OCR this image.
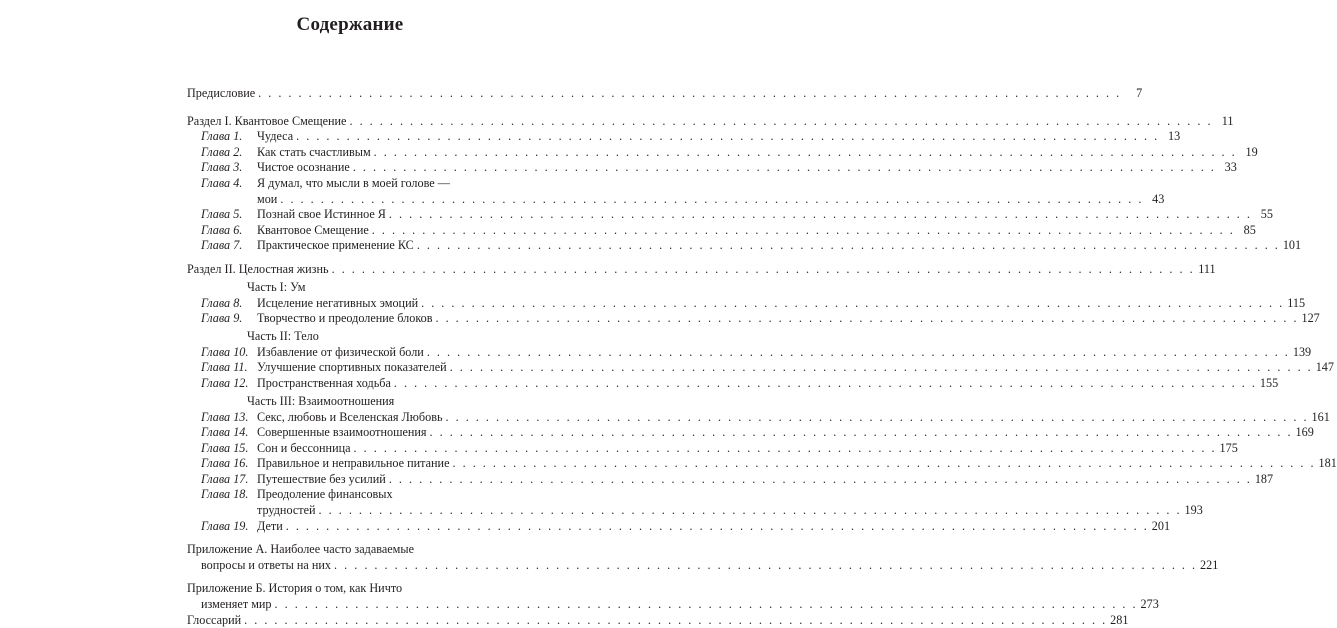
Содержание
Предисловие . . .	7
Раздел I. Квантовое Смещение . . .	11
Глава 1.	Чудеса . . .	13
Глава 2.	Как стать счастливым . . .	19
Глава 3.	Чистое осознание . . .	33
Глава 4.	Я думал, что мысли в моей голове —
мои . . .	43
Глава 5.	Познай свое Истинное Я . . .	55
Глава 6.	Квантовое Смещение . . .	85
Глава 7.	Практическое применение КС . . .	101
Раздел II. Целостная жизнь . . .	111
Часть I: Ум
Глава 8.	Исцеление негативных эмоций . . .	115
Глава 9.	Творчество и преодоление блоков . . .	127
Часть II: Тело
Глава 10. Избавление от физической боли . . .	139
Глава 11. Улучшение спортивных показателей . . .	147
Глава 12. Пространственная ходьба . . .	155
Часть III: Взаимоотношения
Глава 13. Секс, любовь и Вселенская Любовь . . .	161
Глава 14. Совершенные взаимоотношения . . .	169
Глава 15. Сон и бессонница . . .	175
Глава 16. Правильное и неправильное питание . . .	181
Глава 17. Путешествие без усилий . . .	187
Глава 18. Преодоление финансовых
трудностей . . .	193
Глава 19. Дети . . .	201
Приложение А. Наиболее часто задаваемые
вопросы и ответы на них . . .	221
Приложение Б. История о том, как Ничто
изменяет мир . . .	273
Глоссарий . . .	281
